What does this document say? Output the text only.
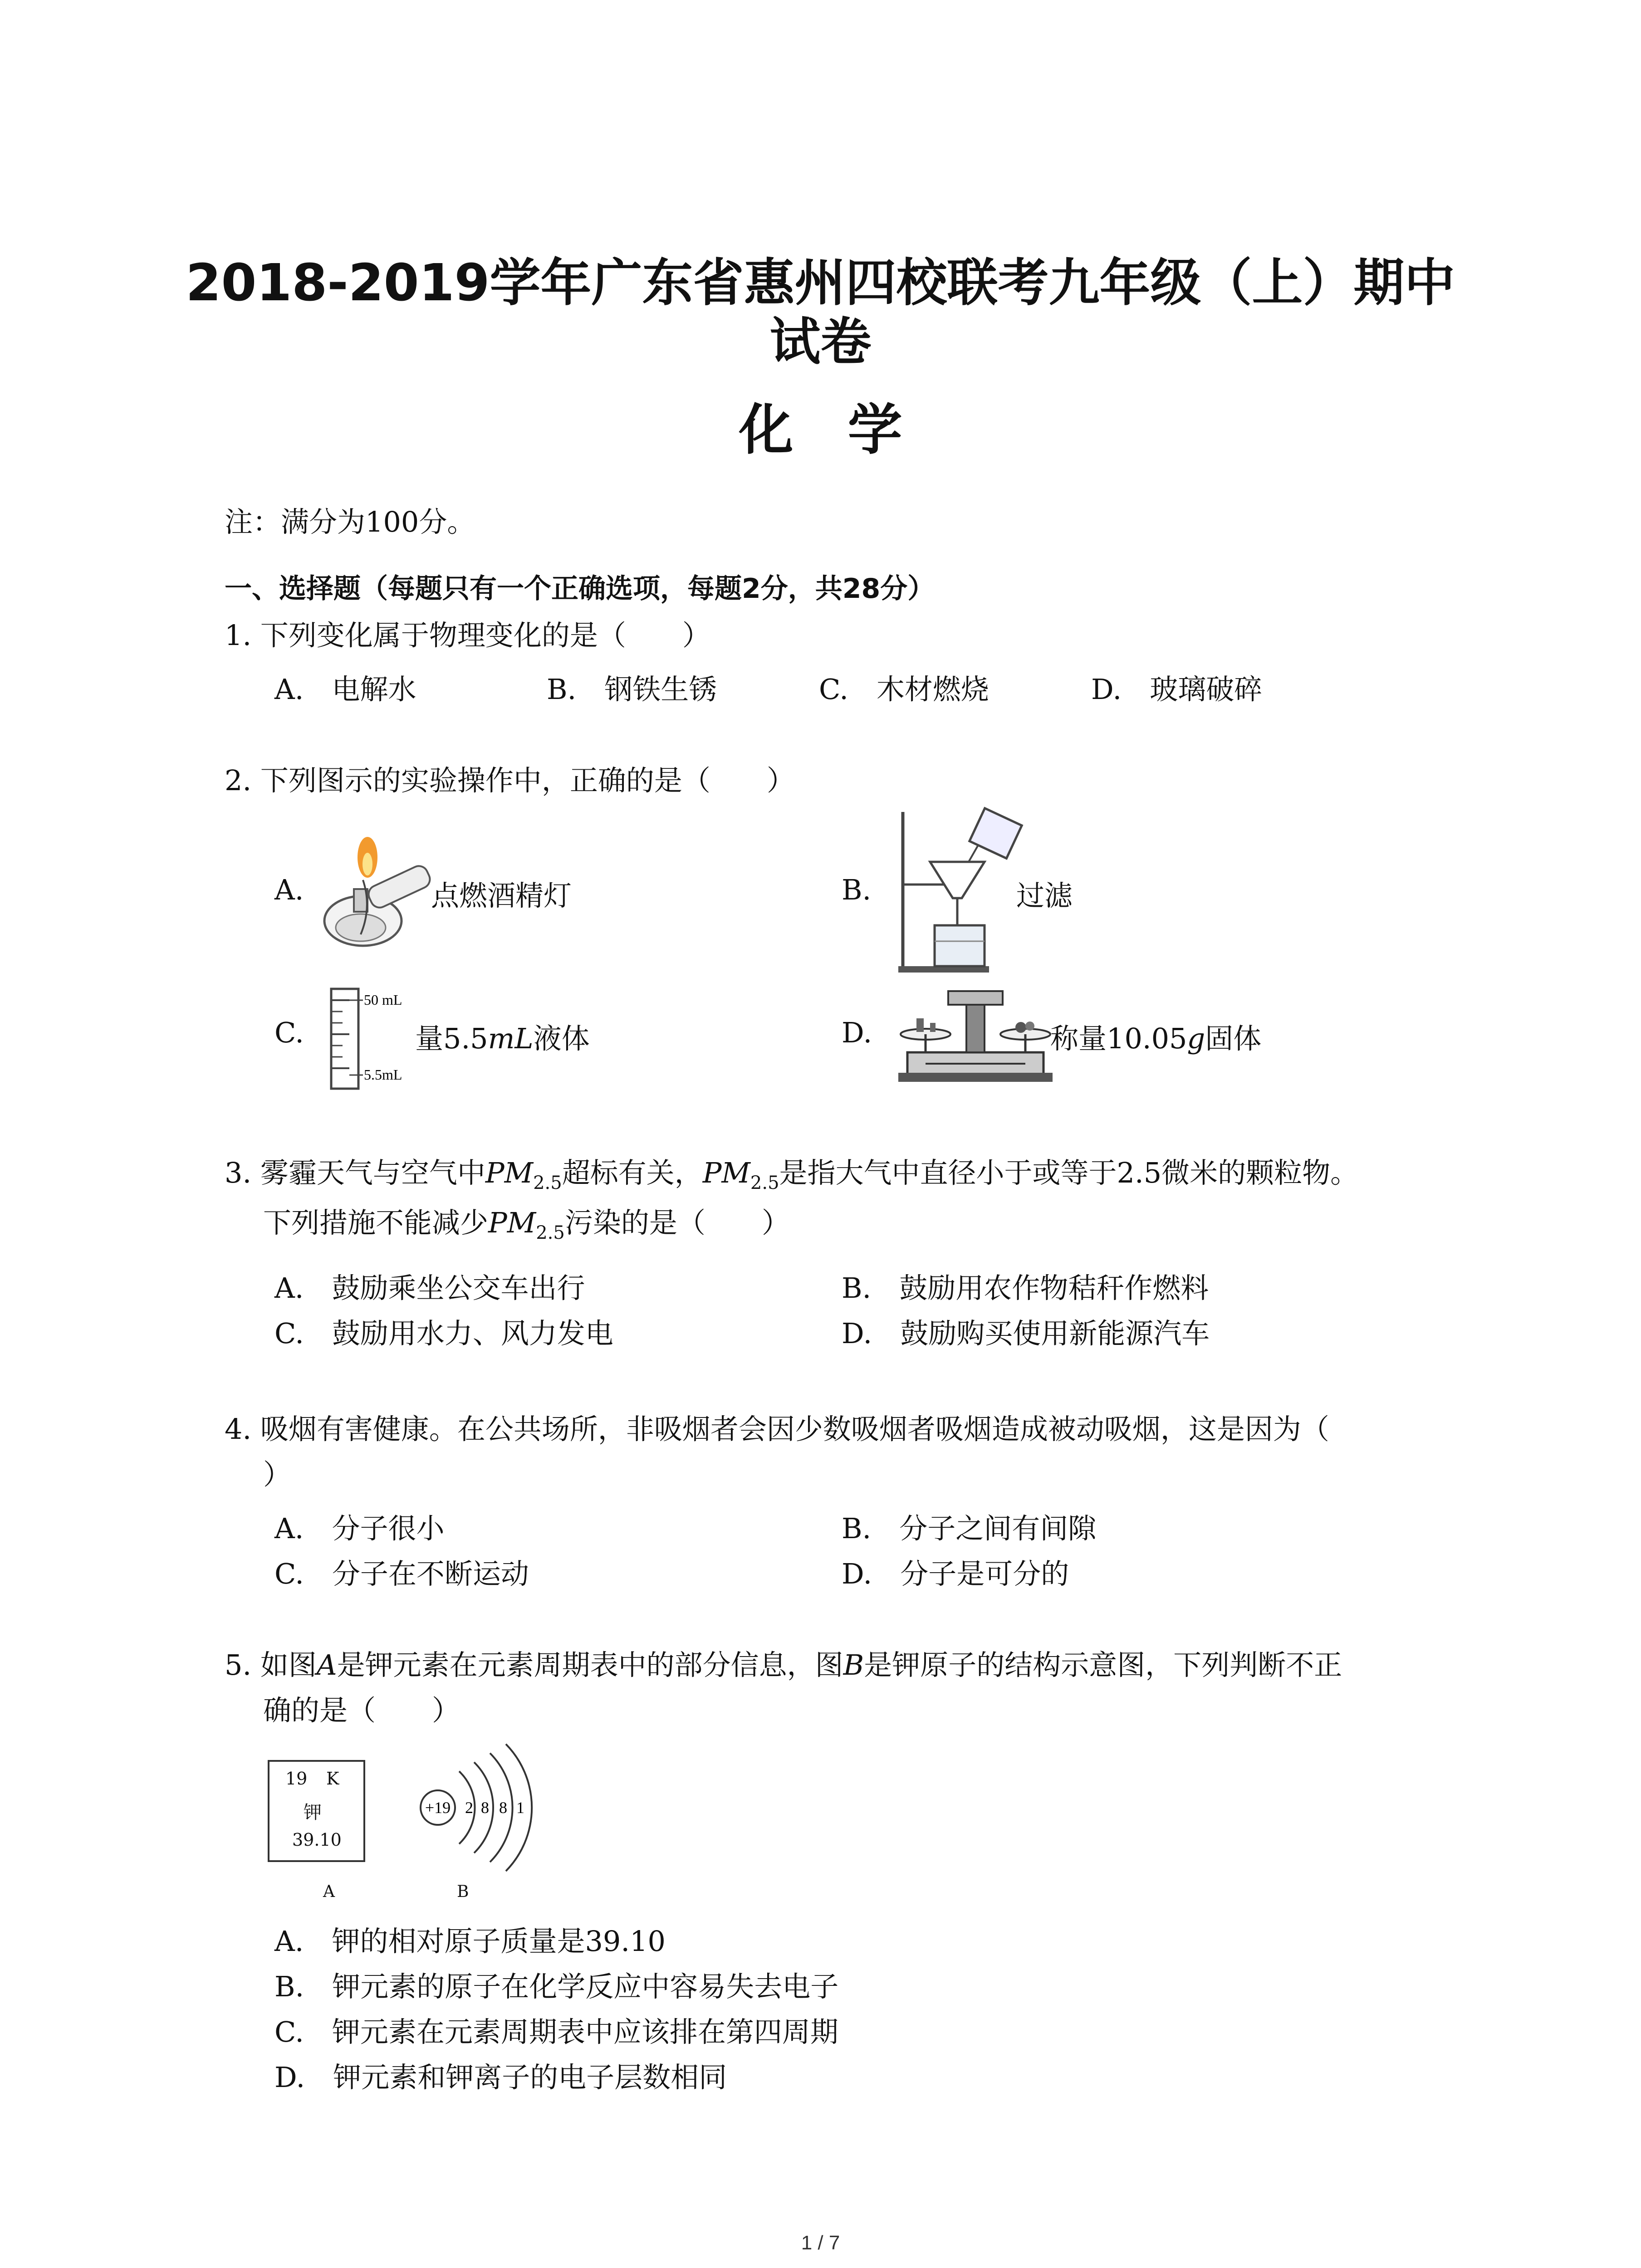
2018-2019学年广东省惠州四校联考九年级（上）期中
试卷
化　学
注：满分为100分。
一、选择题（每题只有一个正确选项，每题2分，共28分）
1. 下列变化属于物理变化的是（　　）
A.　电解水	B.　钢铁生锈	C.　木材燃烧	D.　玻璃破碎
2. 下列图示的实验操作中，正确的是（　　）
A.	点燃酒精灯	B.	过滤
C.
50 mL
5.5mL
量5.5mL液体	D.	称量10.05g固体
3. 雾霾天气与空气中$PM_{2.5}$超标有关，$PM_{2.5}$是指大气中直径小于或等于2.5微米的颗粒物。
下列措施不能减少$PM_{2.5}$污染的是（　　）
A.　鼓励乘坐公交车出行	B.　鼓励用农作物秸秆作燃料
C.　鼓励用水力、风力发电	D.　鼓励购买使用新能源汽车
4. 吸烟有害健康。在公共场所，非吸烟者会因少数吸烟者吸烟造成被动吸烟，这是因为（
）
A.　分子很小	B.　分子之间有间隙
C.　分子在不断运动	D.　分子是可分的
5. 如图A是钾元素在元素周期表中的部分信息，图B是钾原子的结构示意图，下列判断不正
确的是（　　）
19 K
钾
39.10
A
+19 2 8 8 1
B
A.　钾的相对原子质量是39.10
B.　钾元素的原子在化学反应中容易失去电子
C.　钾元素在元素周期表中应该排在第四周期
D.　钾元素和钾离子的电子层数相同
1 / 7
